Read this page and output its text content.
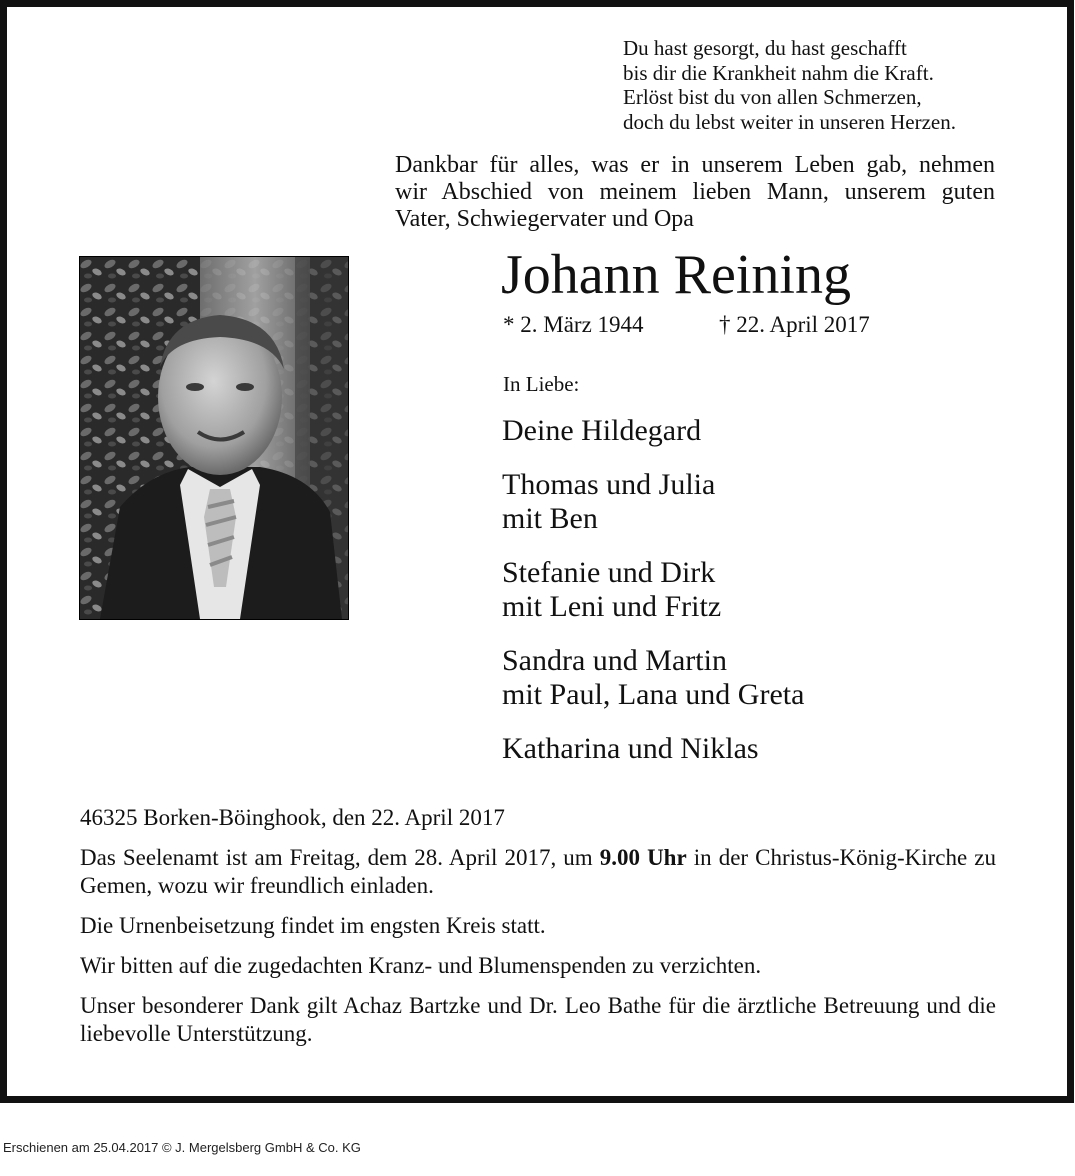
Du hast gesorgt, du hast geschafft
bis dir die Krankheit nahm die Kraft.
Erlöst bist du von allen Schmerzen,
doch du lebst weiter in unseren Herzen.
Dankbar für alles, was er in unserem Leben gab, nehmen
wir Abschied von meinem lieben Mann, unserem guten
Vater, Schwiegervater und Opa
Johann Reining
* 2. März 1944	† 22. April 2017
In Liebe:
Deine Hildegard
Thomas und Julia
mit Ben
Stefanie und Dirk
mit Leni und Fritz
Sandra und Martin
mit Paul, Lana und Greta
Katharina und Niklas

46325 Borken-Böinghook, den 22. April 2017

Das Seelenamt ist am Freitag, dem 28. April 2017, um 9.00 Uhr in der Christus-König-Kirche zu Gemen, wozu wir freundlich einladen.

Die Urnenbeisetzung findet im engsten Kreis statt.

Wir bitten auf die zugedachten Kranz- und Blumenspenden zu verzichten.

Unser besonderer Dank gilt Achaz Bartzke und Dr. Leo Bathe für die ärztliche Betreuung und die liebevolle Unterstützung.

Erschienen am 25.04.2017 © J. Mergelsberg GmbH & Co. KG
